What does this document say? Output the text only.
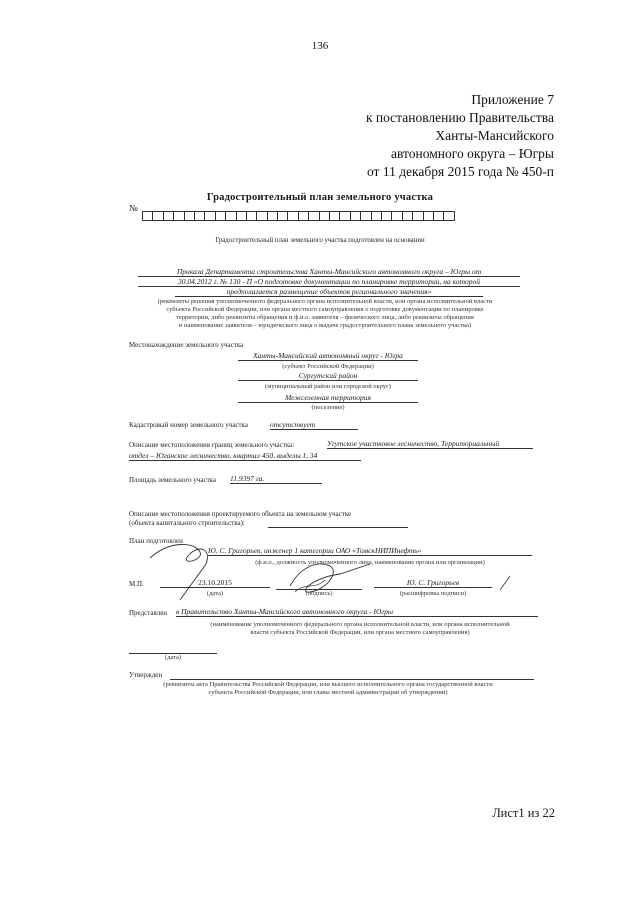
136
Приложение 7
к постановлению Правительства
Ханты-Мансийского
автономного округа – Югры
от 11 декабря 2015 года № 450-п
Градостроительный план земельного участка
№
Градостроительный план земельного участка подготовлен на основании
Приказа Департамента строительства Ханты-Мансийского автономного округа – Югры от
30.04.2012 г. № 130 - П «О подготовке документации по планировке территории, на которой
предполагается размещение объектов регионального значения»
(реквизиты решения уполномоченного федерального органа исполнительной власти, или органа исполнительной власти
субъекта Российской Федерации, или органа местного самоуправления о подготовке документации по планировке
территории, либо реквизиты обращения и ф.и.о. заявителя – физического лица, либо реквизиты обращения
и наименование заявителя – юридического лица о выдаче градостроительного плана земельного участка)
Местонахождение земельного участка
Ханты-Мансийский автономный округ - Югра
(субъект Российской Федерации)
Сургутский район
(муниципальный район или городской округ)
Межселенная территория
(поселение)
Кадастровый номер земельного участка	отсутствует
Описание местоположения границ земельного участка:	Угутское участковое лесничество, Территориальный
отдел – Юганское лесничество, квартал 450, выделы 1, 34
Площадь земельного участка 11,9397 га.
Описание местоположения проектируемого объекта на земельном участке
(объекта капитального строительства):
План подготовлен
Ю. С. Григорьев, инженер 1 категории ОАО «ТомскНИПИнефть»
(ф.и.о., должность уполномоченного лица, наименование органа или организации)
М.П.	23.10.2015
(дата)	(подпись)
Ю. С. Григорьев
(расшифровка подписи)
Представлен в Правительство Ханты-Мансийского автономного округа - Югры
(наименование уполномоченного федерального органа исполнительной власти, или органа исполнительной
власти субъекта Российской Федерации, или органа местного самоуправления)
(дата)
Утвержден
(реквизиты акта Правительства Российской Федерации, или высшего исполнительного органа государственной власти
субъекта Российской Федерации, или главы местной администрации об утверждении)
Лист1 из 22
